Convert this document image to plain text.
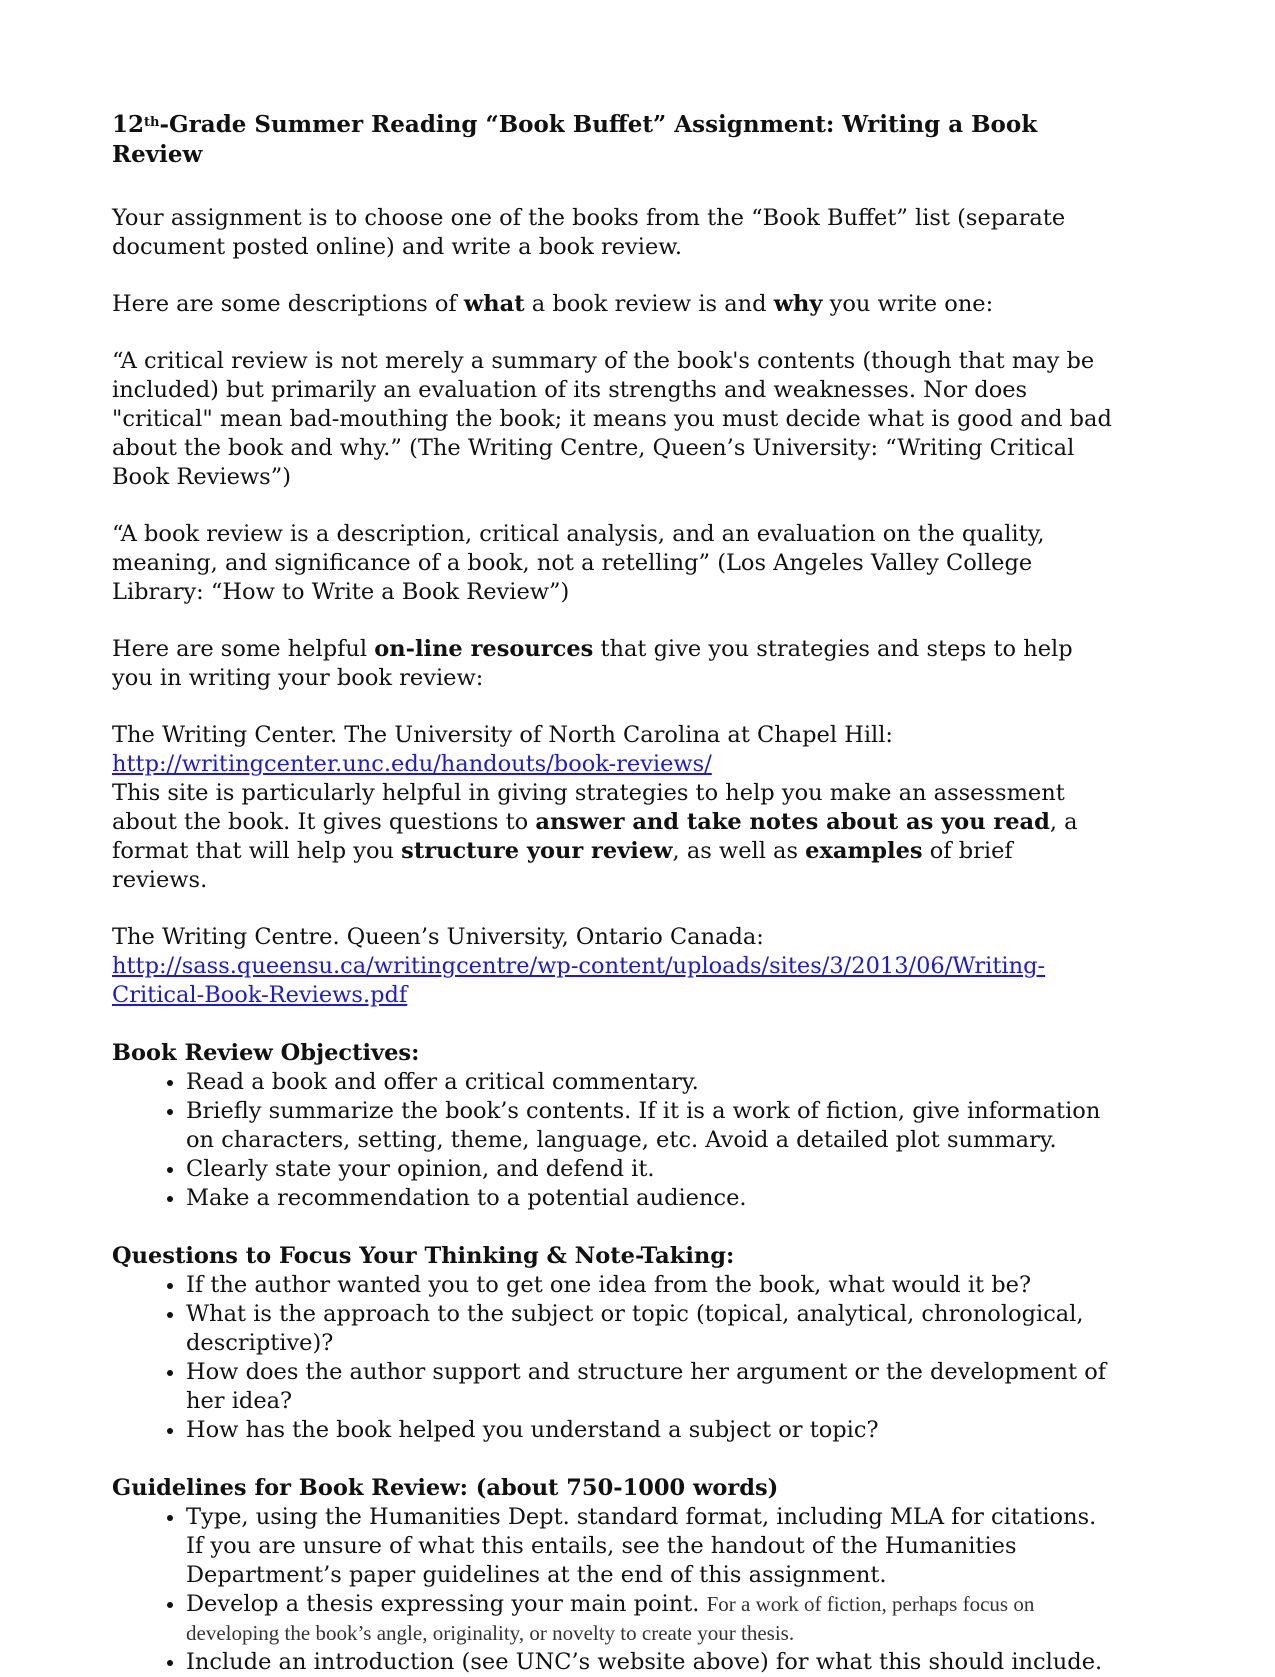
12th-Grade Summer Reading “Book Buffet” Assignment: Writing a Book Review

Your assignment is to choose one of the books from the “Book Buffet” list (separate document posted online) and write a book review.

Here are some descriptions of what a book review is and why you write one:

“A critical review is not merely a summary of the book's contents (though that may be included) but primarily an evaluation of its strengths and weaknesses. Nor does "critical" mean bad-mouthing the book; it means you must decide what is good and bad about the book and why.” (The Writing Centre, Queen’s University: “Writing Critical Book Reviews”)

“A book review is a description, critical analysis, and an evaluation on the quality, meaning, and significance of a book, not a retelling” (Los Angeles Valley College Library: “How to Write a Book Review”)

Here are some helpful on-line resources that give you strategies and steps to help you in writing your book review:

The Writing Center. The University of North Carolina at Chapel Hill:
http://writingcenter.unc.edu/handouts/book-reviews/
This site is particularly helpful in giving strategies to help you make an assessment about the book. It gives questions to answer and take notes about as you read, a format that will help you structure your review, as well as examples of brief reviews.

The Writing Centre. Queen’s University, Ontario Canada:
http://sass.queensu.ca/writingcentre/wp-content/uploads/sites/3/2013/06/Writing-Critical-Book-Reviews.pdf

Book Review Objectives:
• Read a book and offer a critical commentary.
• Briefly summarize the book’s contents. If it is a work of fiction, give information on characters, setting, theme, language, etc. Avoid a detailed plot summary.
• Clearly state your opinion, and defend it.
• Make a recommendation to a potential audience.
Questions to Focus Your Thinking & Note-Taking:
• If the author wanted you to get one idea from the book, what would it be?
• What is the approach to the subject or topic (topical, analytical, chronological, descriptive)?
• How does the author support and structure her argument or the development of her idea?
• How has the book helped you understand a subject or topic?
Guidelines for Book Review: (about 750-1000 words)
• Type, using the Humanities Dept. standard format, including MLA for citations. If you are unsure of what this entails, see the handout of the Humanities Department’s paper guidelines at the end of this assignment.
• Develop a thesis expressing your main point. For a work of fiction, perhaps focus on developing the book’s angle, originality, or novelty to create your thesis.
• Include an introduction (see UNC’s website above) for what this should include.
